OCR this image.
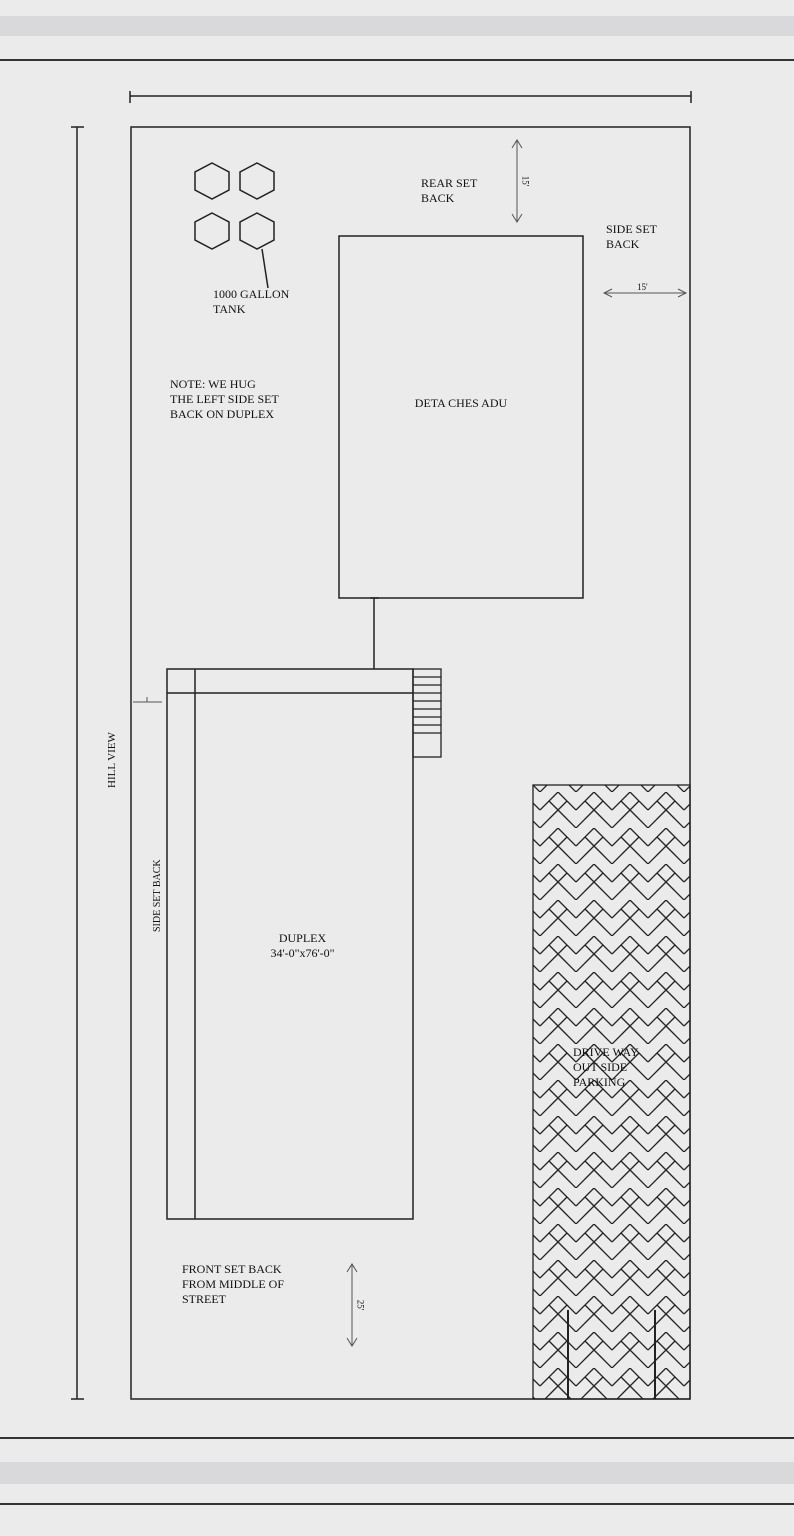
REAR SET
BACK
15'
SIDE SET
BACK
15'
1000 GALLON
TANK
NOTE: WE HUG
THE LEFT SIDE SET
BACK ON DUPLEX
DETA CHES ADU
DUPLEX
34'-0"x76'-0"
DRIVE WAY
OUT SIDE
PARKING
FRONT SET BACK
FROM MIDDLE OF
STREET	25'
HILL VIEW
SIDE SET BACK
